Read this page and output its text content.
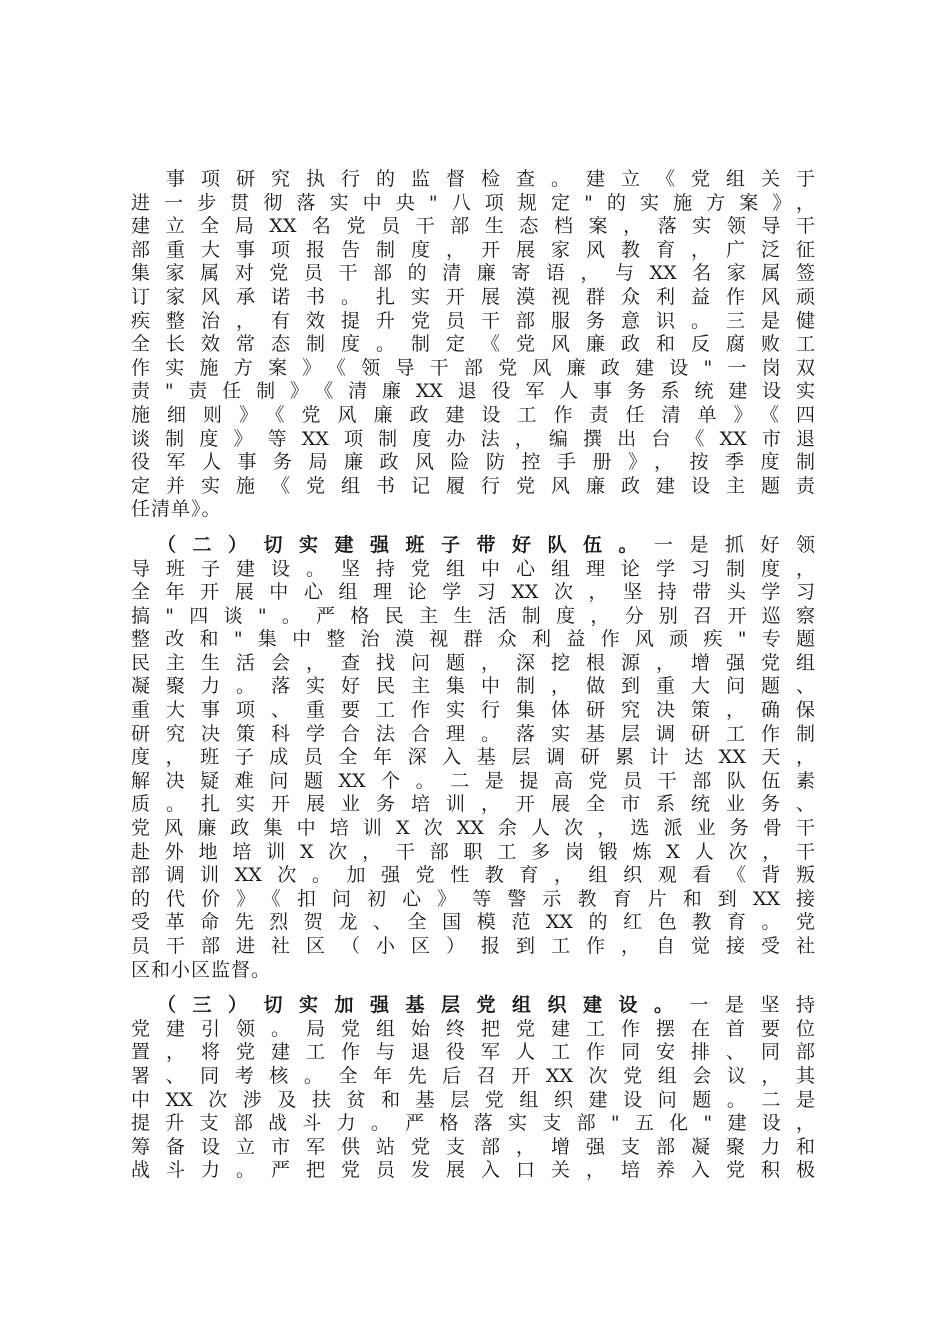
　事项研究执行的监督检查。建立《党组关于
进一步贯彻落实中央"八项规定"的实施方案》，
建立全局XX名党员干部生态档案，落实领导干
部重大事项报告制度，开展家风教育，广泛征
集家属对党员干部的清廉寄语，与XX名家属签
订家风承诺书。扎实开展漠视群众利益作风顽
疾整治，有效提升党员干部服务意识。三是健
全长效常态制度。制定《党风廉政和反腐败工
作实施方案》《领导干部党风廉政建设"一岗双
责"责任制》《清廉XX退役军人事务系统建设实
施细则》《党风廉政建设工作责任清单》《四
谈制度》等XX项制度办法，编撰出台《XX市退
役军人事务局廉政风险防控手册》，按季度制
定并实施《党组书记履行党风廉政建设主题责
任清单》。
　（二）切实建强班子带好队伍。一是抓好领
导班子建设。坚持党组中心组理论学习制度，
全年开展中心组理论学习XX次，坚持带头学习
搞"四谈"。严格民主生活制度，分别召开巡察
整改和"集中整治漠视群众利益作风顽疾"专题
民主生活会，查找问题，深挖根源，增强党组
凝聚力。落实好民主集中制，做到重大问题、
重大事项、重要工作实行集体研究决策，确保
研究决策科学合法合理。落实基层调研工作制
度，班子成员全年深入基层调研累计达XX天，
解决疑难问题XX个。二是提高党员干部队伍素
质。扎实开展业务培训，开展全市系统业务、
党风廉政集中培训X次XX余人次，选派业务骨干
赴外地培训X次，干部职工多岗锻炼X人次，干
部调训XX次。加强党性教育，组织观看《背叛
的代价》《扣问初心》等警示教育片和到XX接
受革命先烈贺龙、全国模范XX的红色教育。党
员干部进社区（小区）报到工作，自觉接受社
区和小区监督。
　（三）切实加强基层党组织建设。一是坚持
党建引领。局党组始终把党建工作摆在首要位
置，将党建工作与退役军人工作同安排、同部
署、同考核。全年先后召开XX次党组会议，其
中XX次涉及扶贫和基层党组织建设问题。二是
提升支部战斗力。严格落实支部"五化"建设，
筹备设立市军供站党支部，增强支部凝聚力和
战斗力。严把党员发展入口关，培养入党积极
